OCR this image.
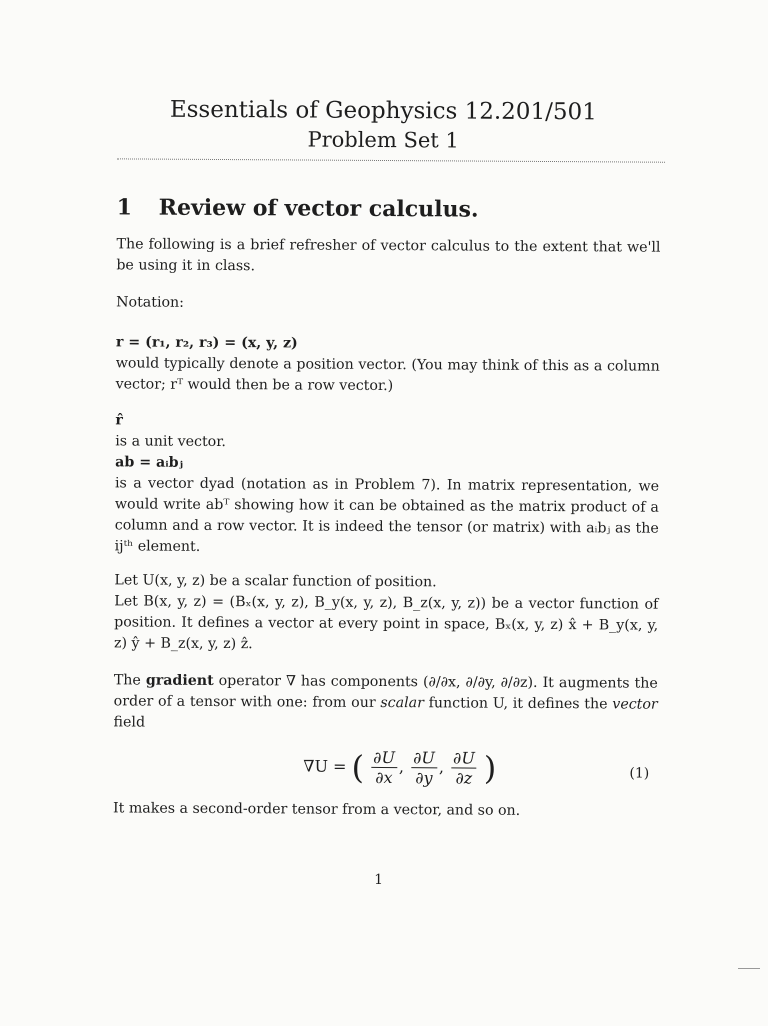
Essentials of Geophysics 12.201/501
Problem Set 1
1 Review of vector calculus.
The following is a brief refresher of vector calculus to the extent that we'll be using it in class.
Notation:
r = (r₁, r₂, r₃) = (x, y, z)
would typically denote a position vector. (You may think of this as a column vector; rᵀ would then be a row vector.)
r̂
is a unit vector.
ab = aᵢbⱼ
is a vector dyad (notation as in Problem 7). In matrix representation, we would write abᵀ showing how it can be obtained as the matrix product of a column and a row vector. It is indeed the tensor (or matrix) with aᵢbⱼ as the ijᵗʰ element.
Let U(x, y, z) be a scalar function of position.
Let B(x, y, z) = (Bₓ(x, y, z), B_y(x, y, z), B_z(x, y, z)) be a vector function of position. It defines a vector at every point in space, Bₓ(x, y, z) x̂ + B_y(x, y, z) ŷ + B_z(x, y, z) ẑ.
The gradient operator ∇ has components (∂/∂x, ∂/∂y, ∂/∂z). It augments the order of a tensor with one: from our scalar function U, it defines the vector field
∇U = ( $\frac{\partial U}{\partial x}$ , $\frac{\partial U}{\partial y}$ , $\frac{\partial U}{\partial z}$ )	(1)
It makes a second-order tensor from a vector, and so on.
1
